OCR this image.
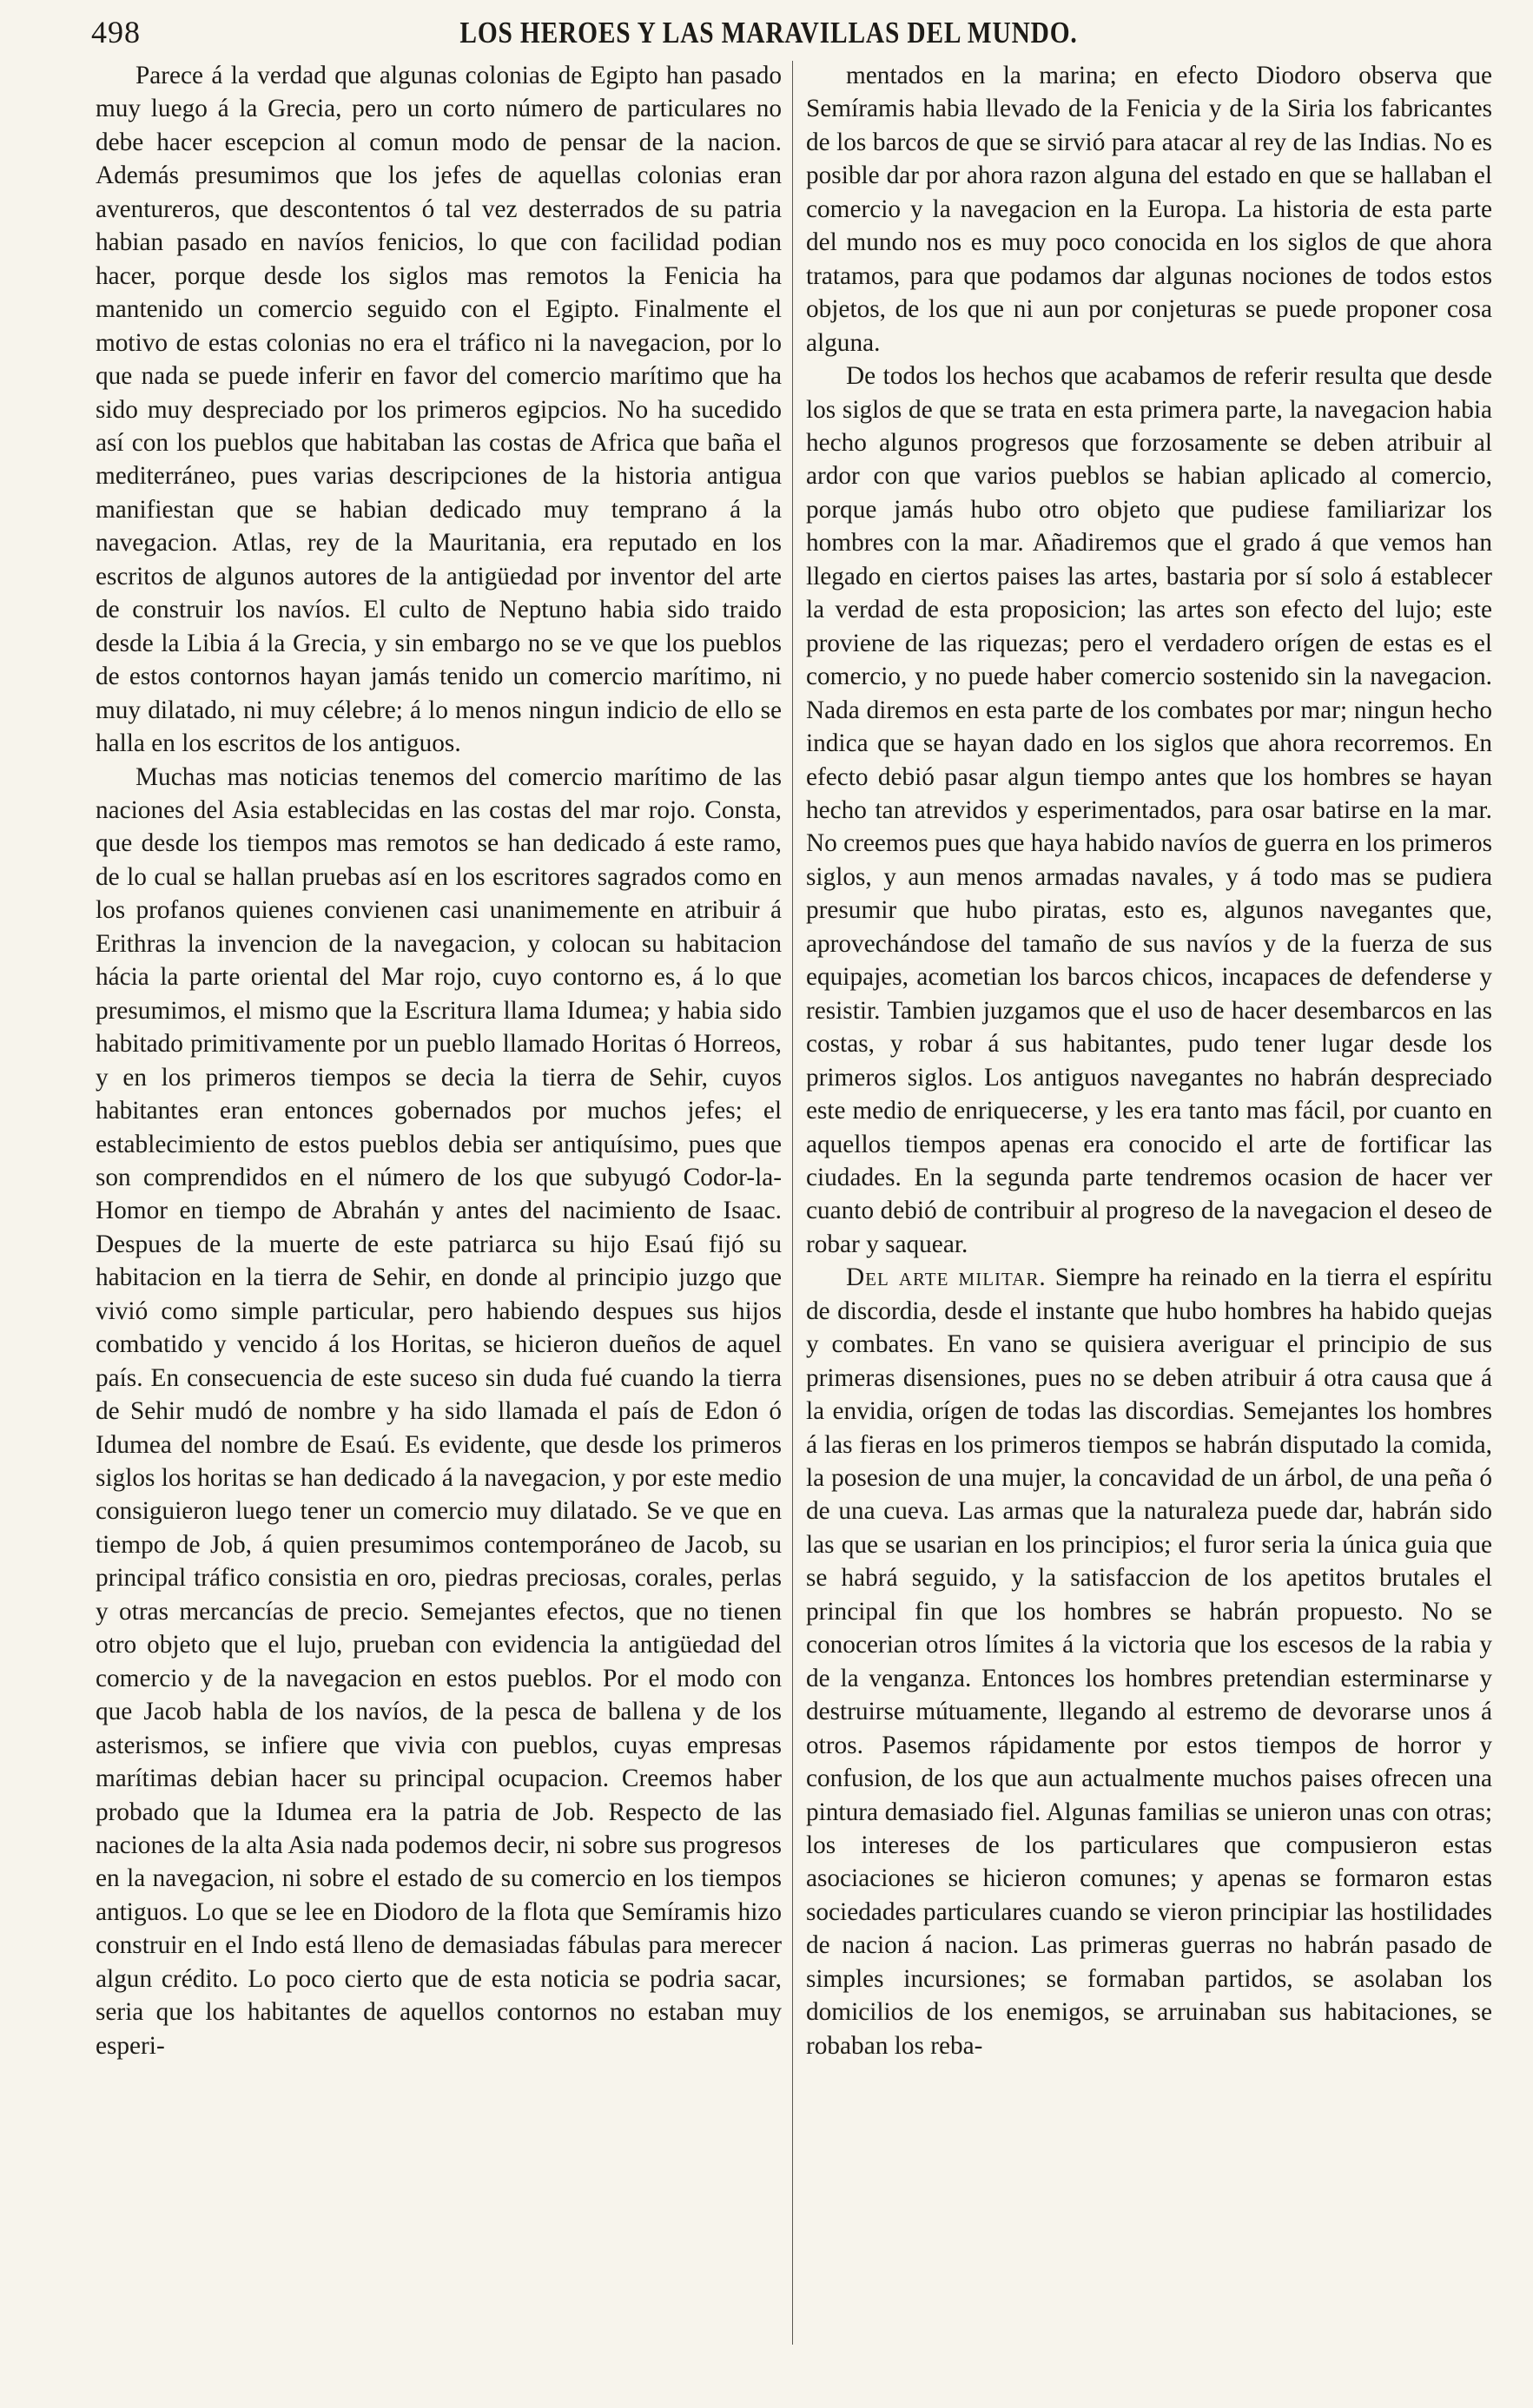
498	LOS HEROES Y LAS MARAVILLAS DEL MUNDO.

Parece á la verdad que algunas colonias de Egipto han pasado muy luego á la Grecia, pero un corto número de particulares no debe hacer escepcion al comun modo de pensar de la nacion. Además presumimos que los jefes de aquellas colonias eran aventureros, que descontentos ó tal vez desterrados de su patria habian pasado en navíos fenicios, lo que con facilidad podian hacer, porque desde los siglos mas remotos la Fenicia ha mantenido un comercio seguido con el Egipto. Finalmente el motivo de estas colonias no era el tráfico ni la navegacion, por lo que nada se puede inferir en favor del comercio marítimo que ha sido muy despreciado por los primeros egipcios. No ha sucedido así con los pueblos que habitaban las costas de Africa que baña el mediterráneo, pues varias descripciones de la historia antigua manifiestan que se habian dedicado muy temprano á la navegacion. Atlas, rey de la Mauritania, era reputado en los escritos de algunos autores de la antigüedad por inventor del arte de construir los navíos. El culto de Neptuno habia sido traido desde la Libia á la Grecia, y sin embargo no se ve que los pueblos de estos contornos hayan jamás tenido un comercio marítimo, ni muy dilatado, ni muy célebre; á lo menos ningun indicio de ello se halla en los escritos de los antiguos.

Muchas mas noticias tenemos del comercio marítimo de las naciones del Asia establecidas en las costas del mar rojo. Consta, que desde los tiempos mas remotos se han dedicado á este ramo, de lo cual se hallan pruebas así en los escritores sagrados como en los profanos quienes convienen casi unanimemente en atribuir á Erithras la invencion de la navegacion, y colocan su habitacion hácia la parte oriental del Mar rojo, cuyo contorno es, á lo que presumimos, el mismo que la Escritura llama Idumea; y habia sido habitado primitivamente por un pueblo llamado Horitas ó Horreos, y en los primeros tiempos se decia la tierra de Sehir, cuyos habitantes eran entonces gobernados por muchos jefes; el establecimiento de estos pueblos debia ser antiquísimo, pues que son comprendidos en el número de los que subyugó Codor-la-Homor en tiempo de Abrahán y antes del nacimiento de Isaac. Despues de la muerte de este patriarca su hijo Esaú fijó su habitacion en la tierra de Sehir, en donde al principio juzgo que vivió como simple particular, pero habiendo despues sus hijos combatido y vencido á los Horitas, se hicieron dueños de aquel país. En consecuencia de este suceso sin duda fué cuando la tierra de Sehir mudó de nombre y ha sido llamada el país de Edon ó Idumea del nombre de Esaú. Es evidente, que desde los primeros siglos los horitas se han dedicado á la navegacion, y por este medio consiguieron luego tener un comercio muy dilatado. Se ve que en tiempo de Job, á quien presumimos contemporáneo de Jacob, su principal tráfico consistia en oro, piedras preciosas, corales, perlas y otras mercancías de precio. Semejantes efectos, que no tienen otro objeto que el lujo, prueban con evidencia la antigüedad del comercio y de la navegacion en estos pueblos. Por el modo con que Jacob habla de los navíos, de la pesca de ballena y de los asterismos, se infiere que vivia con pueblos, cuyas empresas marítimas debian hacer su principal ocupacion. Creemos haber probado que la Idumea era la patria de Job. Respecto de las naciones de la alta Asia nada podemos decir, ni sobre sus progresos en la navegacion, ni sobre el estado de su comercio en los tiempos antiguos. Lo que se lee en Diodoro de la flota que Semíramis hizo construir en el Indo está lleno de demasiadas fábulas para merecer algun crédito. Lo poco cierto que de esta noticia se podria sacar, seria que los habitantes de aquellos contornos no estaban muy esperi-

mentados en la marina; en efecto Diodoro observa que Semíramis habia llevado de la Fenicia y de la Siria los fabricantes de los barcos de que se sirvió para atacar al rey de las Indias. No es posible dar por ahora razon alguna del estado en que se hallaban el comercio y la navegacion en la Europa. La historia de esta parte del mundo nos es muy poco conocida en los siglos de que ahora tratamos, para que podamos dar algunas nociones de todos estos objetos, de los que ni aun por conjeturas se puede proponer cosa alguna.

De todos los hechos que acabamos de referir resulta que desde los siglos de que se trata en esta primera parte, la navegacion habia hecho algunos progresos que forzosamente se deben atribuir al ardor con que varios pueblos se habian aplicado al comercio, porque jamás hubo otro objeto que pudiese familiarizar los hombres con la mar. Añadiremos que el grado á que vemos han llegado en ciertos paises las artes, bastaria por sí solo á establecer la verdad de esta proposicion; las artes son efecto del lujo; este proviene de las riquezas; pero el verdadero orígen de estas es el comercio, y no puede haber comercio sostenido sin la navegacion. Nada diremos en esta parte de los combates por mar; ningun hecho indica que se hayan dado en los siglos que ahora recorremos. En efecto debió pasar algun tiempo antes que los hombres se hayan hecho tan atrevidos y esperimentados, para osar batirse en la mar. No creemos pues que haya habido navíos de guerra en los primeros siglos, y aun menos armadas navales, y á todo mas se pudiera presumir que hubo piratas, esto es, algunos navegantes que, aprovechándose del tamaño de sus navíos y de la fuerza de sus equipajes, acometian los barcos chicos, incapaces de defenderse y resistir. Tambien juzgamos que el uso de hacer desembarcos en las costas, y robar á sus habitantes, pudo tener lugar desde los primeros siglos. Los antiguos navegantes no habrán despreciado este medio de enriquecerse, y les era tanto mas fácil, por cuanto en aquellos tiempos apenas era conocido el arte de fortificar las ciudades. En la segunda parte tendremos ocasion de hacer ver cuanto debió de contribuir al progreso de la navegacion el deseo de robar y saquear.

Del arte militar. Siempre ha reinado en la tierra el espíritu de discordia, desde el instante que hubo hombres ha habido quejas y combates. En vano se quisiera averiguar el principio de sus primeras disensiones, pues no se deben atribuir á otra causa que á la envidia, orígen de todas las discordias. Semejantes los hombres á las fieras en los primeros tiempos se habrán disputado la comida, la posesion de una mujer, la concavidad de un árbol, de una peña ó de una cueva. Las armas que la naturaleza puede dar, habrán sido las que se usarian en los principios; el furor seria la única guia que se habrá seguido, y la satisfaccion de los apetitos brutales el principal fin que los hombres se habrán propuesto. No se conocerian otros límites á la victoria que los escesos de la rabia y de la venganza. Entonces los hombres pretendian esterminarse y destruirse mútuamente, llegando al estremo de devorarse unos á otros. Pasemos rápidamente por estos tiempos de horror y confusion, de los que aun actualmente muchos paises ofrecen una pintura demasiado fiel. Algunas familias se unieron unas con otras; los intereses de los particulares que compusieron estas asociaciones se hicieron comunes; y apenas se formaron estas sociedades particulares cuando se vieron principiar las hostilidades de nacion á nacion. Las primeras guerras no habrán pasado de simples incursiones; se formaban partidos, se asolaban los domicilios de los enemigos, se arruinaban sus habitaciones, se robaban los reba-
